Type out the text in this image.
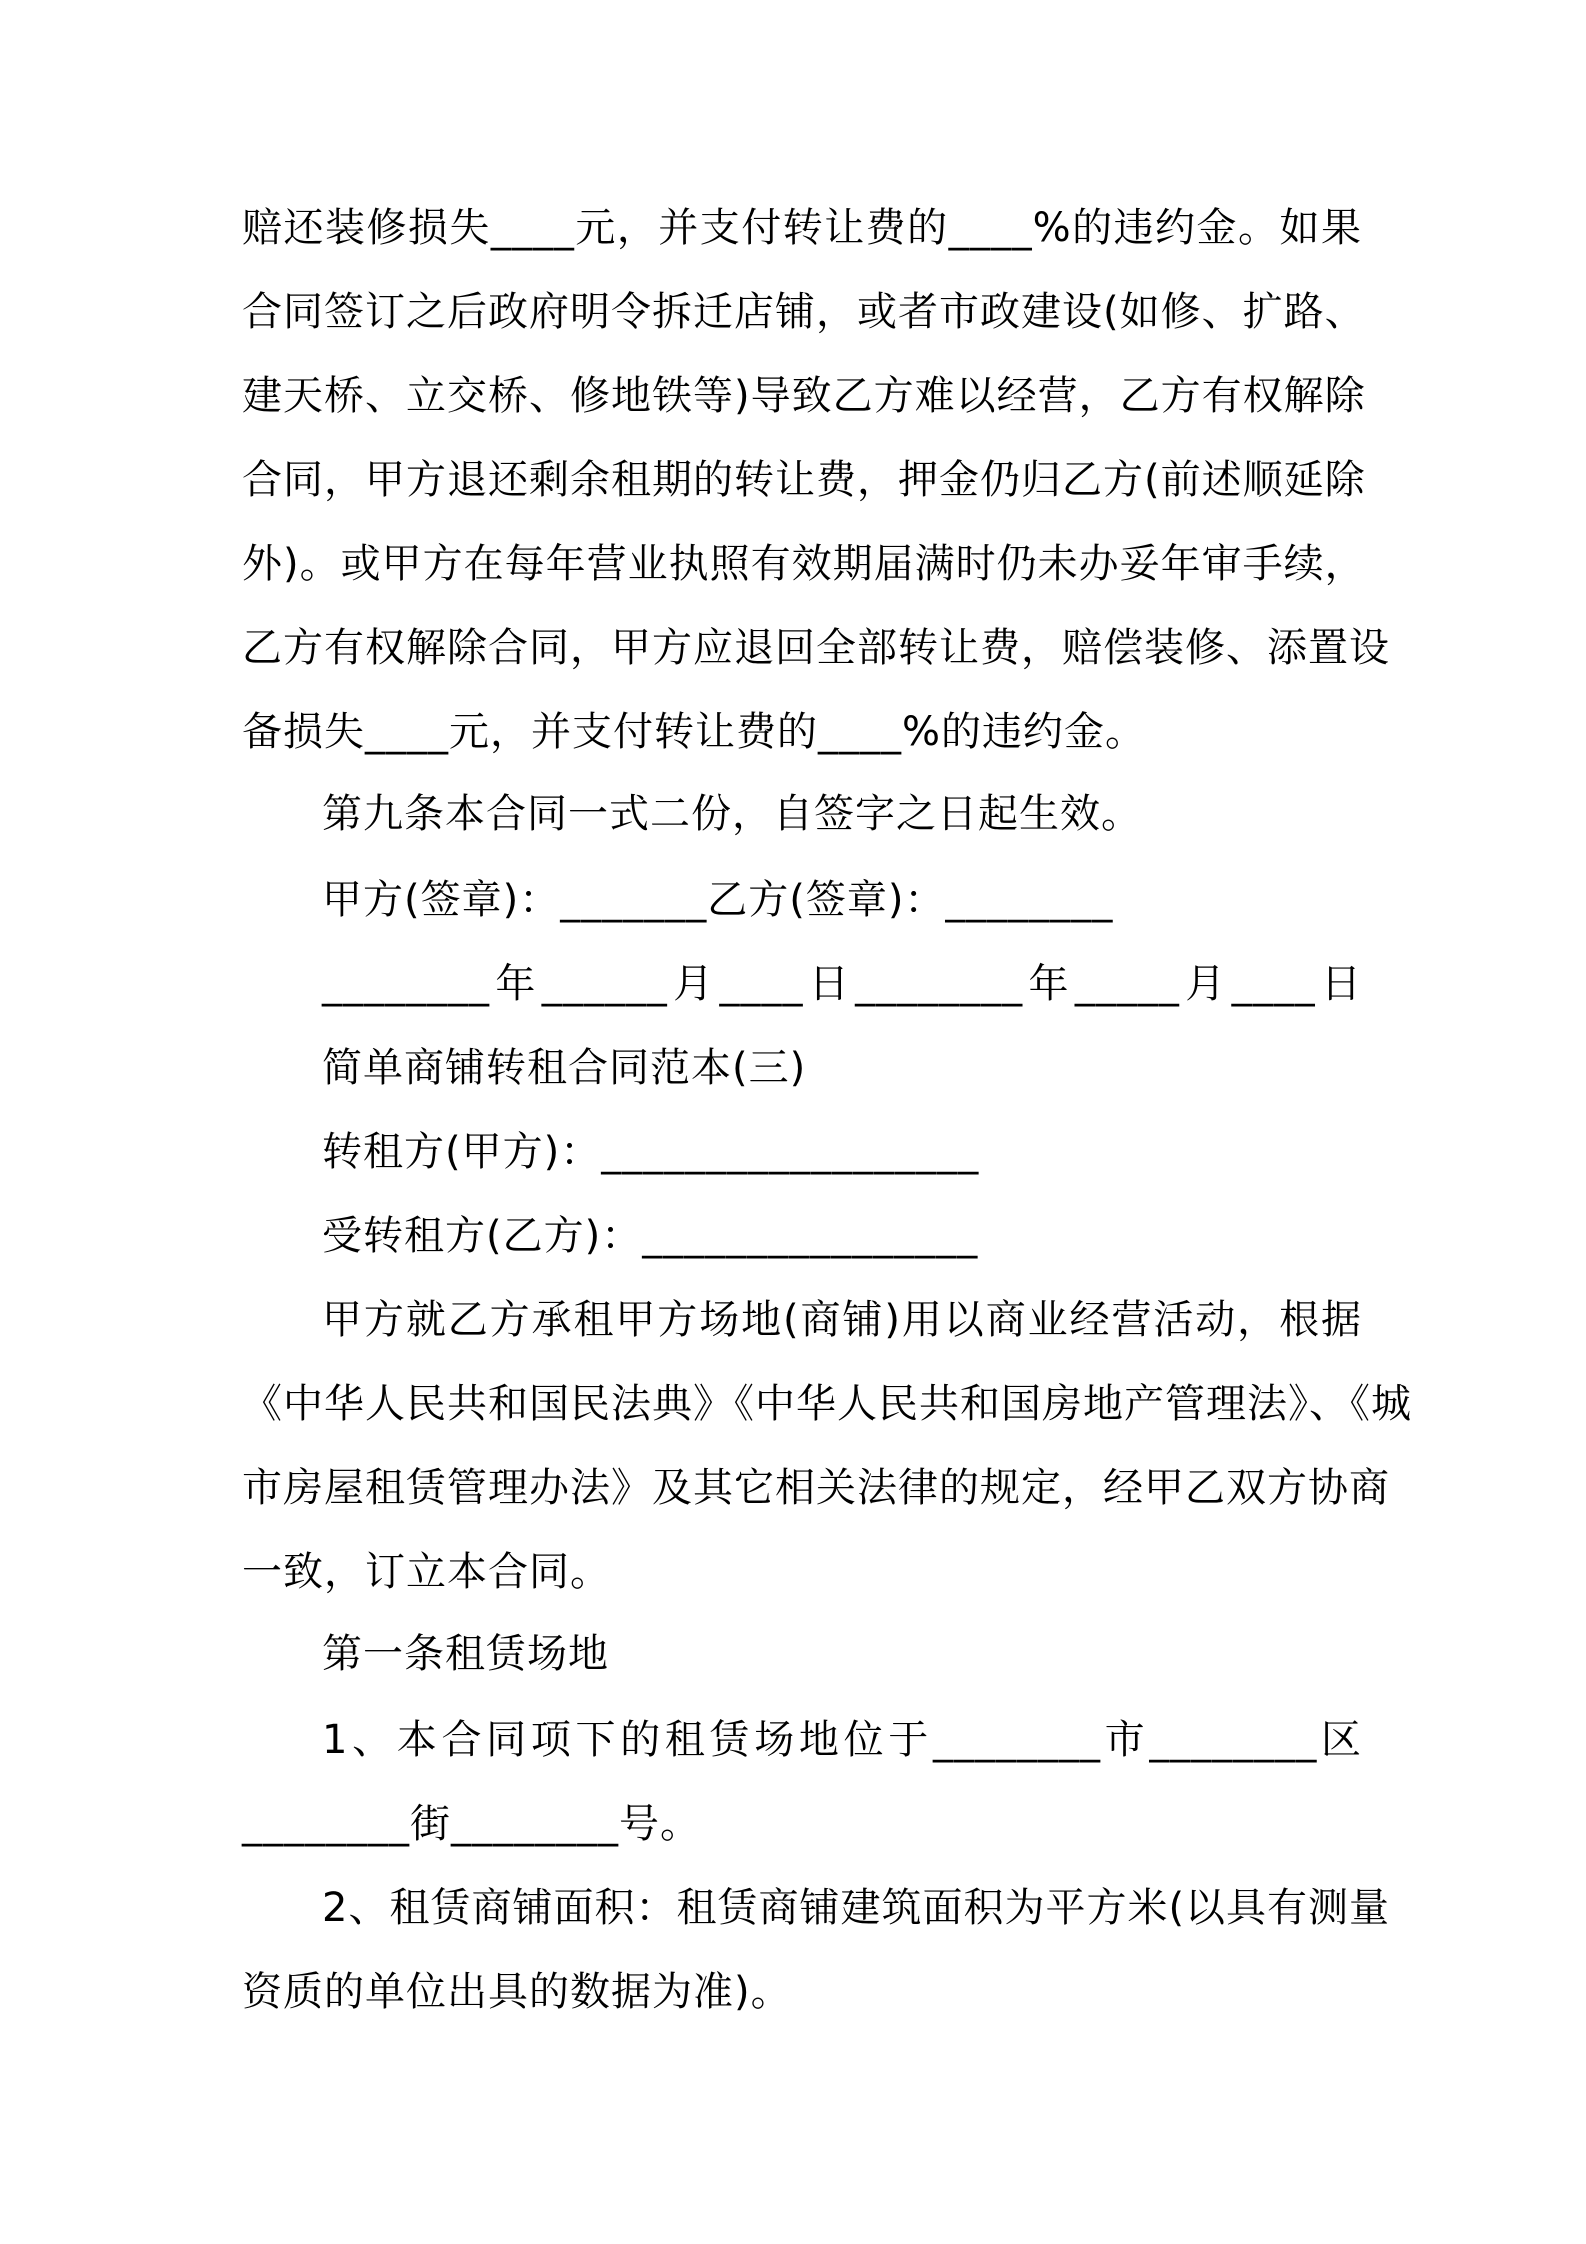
赔还装修损失____元，并支付转让费的____%的违约金。如果
合同签订之后政府明令拆迁店铺，或者市政建设(如修、扩路、
建天桥、立交桥、修地铁等)导致乙方难以经营，乙方有权解除
合同，甲方退还剩余租期的转让费，押金仍归乙方(前述顺延除
外)。或甲方在每年营业执照有效期届满时仍未办妥年审手续，
乙方有权解除合同，甲方应退回全部转让费，赔偿装修、添置设
备损失____元，并支付转让费的____%的违约金。
第九条本合同一式二份，自签字之日起生效。
甲方(签章)：_______乙方(签章)：________
________年______月____日________年_____月____日
简单商铺转租合同范本(三)
转租方(甲方)：__________________
受转租方(乙方)：________________
甲方就乙方承租甲方场地(商铺)用以商业经营活动，根据
《中华人民共和国民法典》《中华人民共和国房地产管理法》、《城
市房屋租赁管理办法》及其它相关法律的规定，经甲乙双方协商
一致，订立本合同。
第一条租赁场地
1、本合同项下的租赁场地位于________市________区
________街________号。
2、租赁商铺面积：租赁商铺建筑面积为平方米(以具有测量
资质的单位出具的数据为准)。
